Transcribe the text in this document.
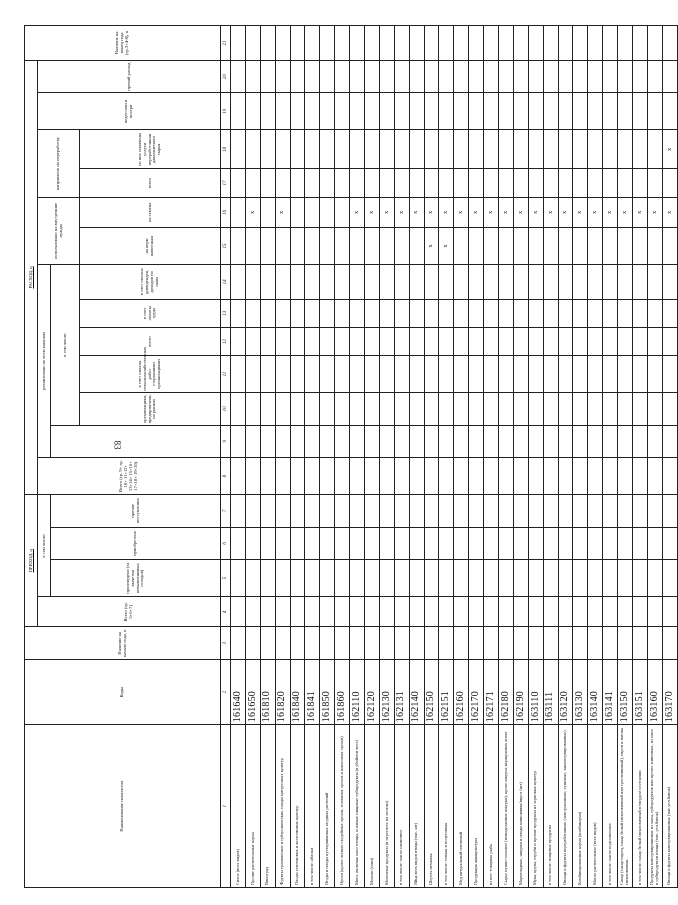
83
Наименование показателя	Коды	Наличие на начало года, п	ПРИХОД, ц				РАСХОД, ц													Наличие на конец года (гр.3+4-8), п
			Всего (гр. 5+6+7)	в том числе:			Всего (гр. 9+ гр. 10+ 11+12+ 13+14+ 15+16+ 17+18+ 19+20)	реализовано по всем каналам						использовано на внутренние нужды		направлено на переработку		недостачи и потери	прочий расход	
				произведено (за вычетом невыполнимых отходов)	приобретено	прочие поступления			в том числе:											
									организациям, предприятиям, на рынках	в счет оплаты сельскохозяйственных работ сторонними организациями	всего	в счет оплаты труда	в счет оплаты дивидендов, доходов по паям	на корм животным	на семена	всего	из них оплачены услуги переработчикам давальческого сырья			
1	2	3	4	5	6	7	8	9	10	11	12	13	14	15	16	17	18	19	20	21
Силос (всех видов)	161640																			
Прочие растительные корма	161650														x					
Виноград	161810																			
Фрукты тропические и субтропические, плоды цитрусовых культур	161820														x					
Плоды семечковых и косточковых культур	161840																			
в том числе: яблоки	161841																			
Ягоды и плоды кустарниковых ягодных растений	161850																			
Орехи (кроме лесных съедобных орехов, земляных орехов и кокосовых орехов)	161860																			
Мясо, включая мясо птицы, и жилые пищевые субпродукты (в убойном весе)	162110														x					
Молоко (тонн)	162120														x					
Молочные продукты (в пересчете на молоко)	162130														x					
в том числе: масло сливочное	162131														x					
Яйца всех видов птицы (тыс. шт)	162140														x					
Шерсть немытая	162150													x	x					
в том числе: тонкая и полутонкая	162151													x	x					
Мед натуральный пчелиный	162160														x					
Продукция аквакультуры	162170														x					
из нее: товарная рыба	162171														x					
Сырье пушно-меховое (невыделанные шкурки), кроме шкурок каракулевых ягнят	162180														x					
Мармеладные, шкурки и плоды шиповника/пирог (шт)	162190														x					
Мука, крупа, отруби и прочие продукты из зерновых культур	163110														x					
в том числе: пищевые продукты	163111														x					
Овощи и фрукты переработанные (замороженные, сушеные, законсервированные)	163120														x					
Комбинированные корма (комбикорма)	163130														x					
Масло растительное (всех видов)	163140														x					
в том числе: масло подсолнечное	163141														x					
Сахар (сахар-сырец, сахар белый свекловичный или тростниковый), сироп и патока свекловичная	163150														x					
в том числе: сахар белый свекловичный в твердом состоянии	163151														x					
Продукты консервированные из мяса, субпродуктов или прочее животных, из мяса и субпродуктов птицы (тыс. усл.банок)	163160														x					
Овощи и фрукты консервированные (тыс.усл.банок)	163170														x		x			
